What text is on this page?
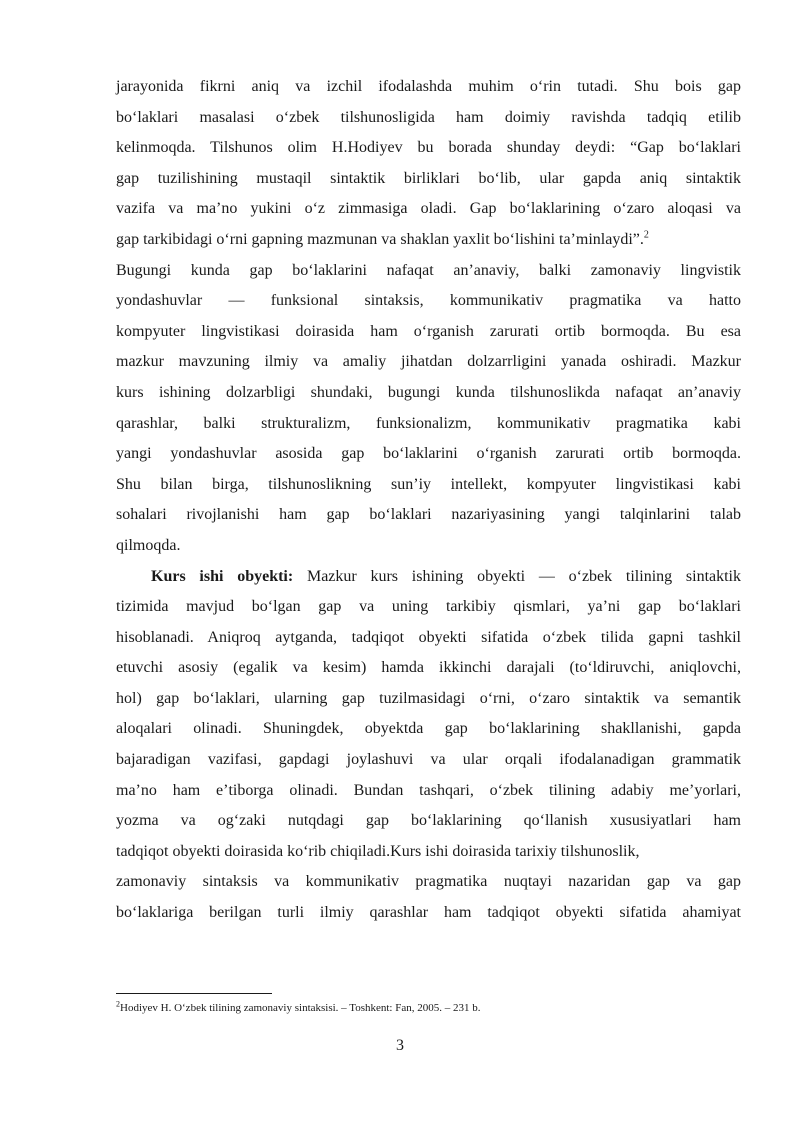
jarayonida fikrni aniq va izchil ifodalashda muhim oʻrin tutadi. Shu bois gap
boʻlaklari masalasi oʻzbek tilshunosligida ham doimiy ravishda tadqiq etilib
kelinmoqda. Tilshunos olim H.Hodiyev bu borada shunday deydi: “Gap boʻlaklari
gap tuzilishining mustaqil sintaktik birliklari boʻlib, ular gapda aniq sintaktik
vazifa va maʼno yukini oʻz zimmasiga oladi. Gap boʻlaklarining oʻzaro aloqasi va
gap tarkibidagi oʻrni gapning mazmunan va shaklan yaxlit boʻlishini taʼminlaydi”.$^2$
Bugungi kunda gap boʻlaklarini nafaqat anʼanaviy, balki zamonaviy lingvistik
yondashuvlar — funksional sintaksis, kommunikativ pragmatika va hatto
kompyuter lingvistikasi doirasida ham oʻrganish zarurati ortib bormoqda. Bu esa
mazkur mavzuning ilmiy va amaliy jihatdan dolzarrligini yanada oshiradi. Mazkur
kurs ishining dolzarbligi shundaki, bugungi kunda tilshunoslikda nafaqat anʼanaviy
qarashlar, balki strukturalizm, funksionalizm, kommunikativ pragmatika kabi
yangi yondashuvlar asosida gap boʻlaklarini oʻrganish zarurati ortib bormoqda.
Shu bilan birga, tilshunoslikning sunʼiy intellekt, kompyuter lingvistikasi kabi
sohalari rivojlanishi ham gap boʻlaklari nazariyasining yangi talqinlarini talab
qilmoqda.
Kurs ishi obyekti: Mazkur kurs ishining obyekti — oʻzbek tilining sintaktik
tizimida mavjud boʻlgan gap va uning tarkibiy qismlari, yaʼni gap boʻlaklari
hisoblanadi. Aniqroq aytganda, tadqiqot obyekti sifatida oʻzbek tilida gapni tashkil
etuvchi asosiy (egalik va kesim) hamda ikkinchi darajali (toʻldiruvchi, aniqlovchi,
hol) gap boʻlaklari, ularning gap tuzilmasidagi oʻrni, oʻzaro sintaktik va semantik
aloqalari olinadi. Shuningdek, obyektda gap boʻlaklarining shakllanishi, gapda
bajaradigan vazifasi, gapdagi joylashuvi va ular orqali ifodalanadigan grammatik
maʼno ham eʼtiborga olinadi. Bundan tashqari, oʻzbek tilining adabiy meʼyorlari,
yozma va ogʻzaki nutqdagi gap boʻlaklarining qoʻllanish xususiyatlari ham
tadqiqot obyekti doirasida koʻrib chiqiladi.Kurs ishi doirasida tarixiy tilshunoslik,
zamonaviy sintaksis va kommunikativ pragmatika nuqtayi nazaridan gap va gap
boʻlaklariga berilgan turli ilmiy qarashlar ham tadqiqot obyekti sifatida ahamiyat
$^2$Hodiyev H. Oʻzbek tilining zamonaviy sintaksisi. – Toshkent: Fan, 2005. – 231 b.
3
